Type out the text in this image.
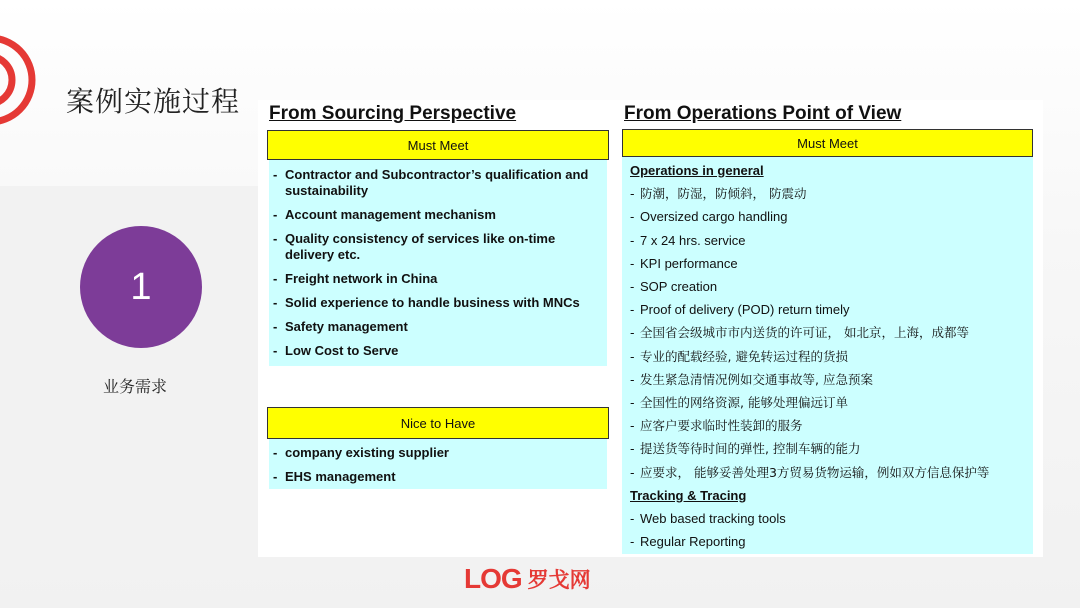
案例实施过程
1
业务需求
From Sourcing Perspective
Must Meet
- Contractor and Subcontractor’s qualification and sustainability
- Account management mechanism
- Quality consistency of services like on-time delivery etc.
- Freight network in China
- Solid experience to handle business with MNCs
- Safety management
- Low Cost to Serve
Nice to Have
- company existing supplier
- EHS management
From Operations Point of View
Must Meet
Operations in general
- 防潮，防湿，防倾斜， 防震动
- Oversized cargo handling
- 7 x 24 hrs. service
- KPI performance
- SOP creation
- Proof of delivery (POD) return timely
- 全国省会级城市市内送货的许可证， 如北京，上海，成都等
- 专业的配载经验, 避免转运过程的货损
- 发生紧急清情况例如交通事故等, 应急预案
- 全国性的网络资源, 能够处理偏远订单
- 应客户要求临时性装卸的服务
- 提送货等待时间的弹性, 控制车辆的能力
- 应要求， 能够妥善处理3方贸易货物运输，例如双方信息保护等
Tracking & Tracing
- Web based tracking tools
- Regular Reporting
LOG 罗戈网
